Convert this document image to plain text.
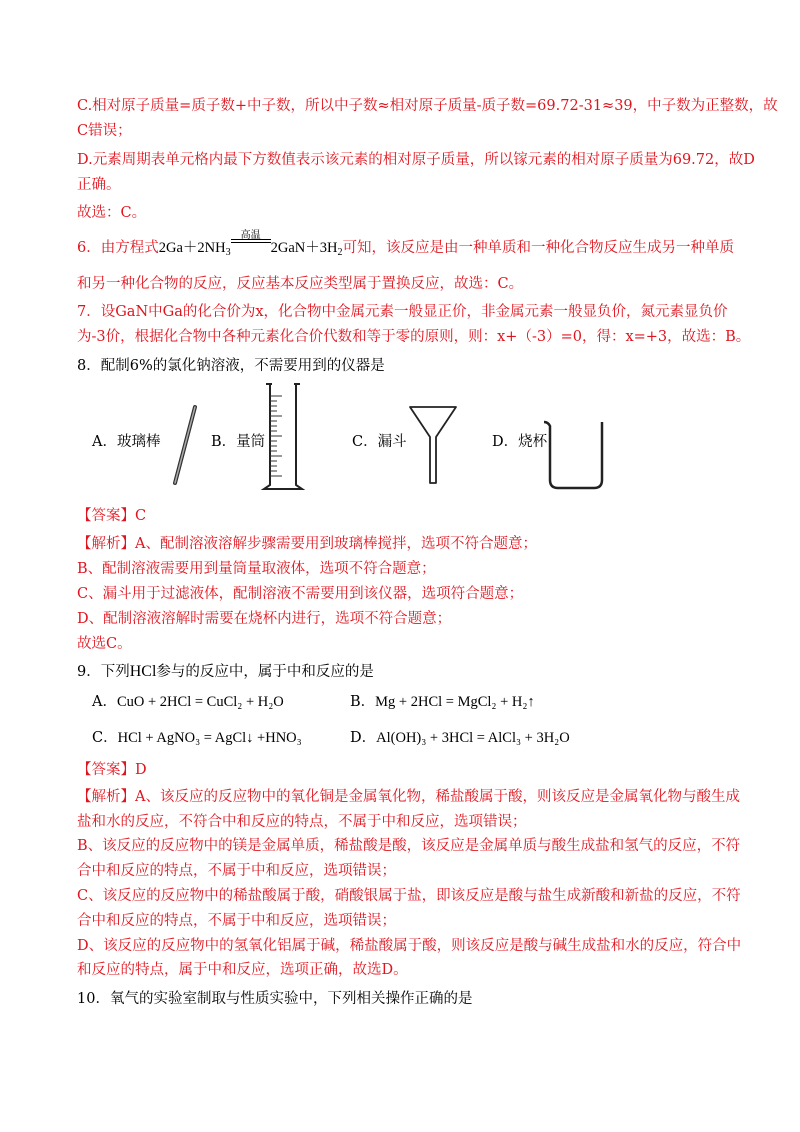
C.相对原子质量=质子数+中子数，所以中子数≈相对原子质量-质子数=69.72-31≈39，中子数为正整数，故
C错误；
D.元素周期表单元格内最下方数值表示该元素的相对原子质量，所以镓元素的相对原子质量为69.72，故D
正确。
故选：C。
6．由方程式$2Ga+2NH_3$
高温
$2GaN+3H_2$可知，该反应是由一种单质和一种化合物反应生成另一种单质
和另一种化合物的反应，反应基本反应类型属于置换反应，故选：C。
7．设GaN中Ga的化合价为x，化合物中金属元素一般显正价，非金属元素一般显负价，氮元素显负价
为-3价，根据化合物中各种元素化合价代数和等于零的原则，则：x+（-3）=0，得：x=+3，故选：B。
8．配制6%的氯化钠溶液，不需要用到的仪器是
A．玻璃棒	B．量筒	C．漏斗	D．烧杯
【答案】C
【解析】A、配制溶液溶解步骤需要用到玻璃棒搅拌，选项不符合题意；
B、配制溶液需要用到量筒量取液体，选项不符合题意；
C、漏斗用于过滤液体，配制溶液不需要用到该仪器，选项符合题意；
D、配制溶液溶解时需要在烧杯内进行，选项不符合题意；
故选C。
9．下列HCl参与的反应中，属于中和反应的是
A．CuO + 2HCl = CuCl₂ + H₂O	B．Mg + 2HCl = MgCl₂ + H₂↑
C．HCl + AgNO₃ = AgCl↓ +HNO₃	D．Al(OH)₃ + 3HCl = AlCl₃ + 3H₂O
【答案】D
【解析】A、该反应的反应物中的氧化铜是金属氧化物，稀盐酸属于酸，则该反应是金属氧化物与酸生成
盐和水的反应，不符合中和反应的特点，不属于中和反应，选项错误；
B、该反应的反应物中的镁是金属单质，稀盐酸是酸，该反应是金属单质与酸生成盐和氢气的反应，不符
合中和反应的特点，不属于中和反应，选项错误；
C、该反应的反应物中的稀盐酸属于酸，硝酸银属于盐，即该反应是酸与盐生成新酸和新盐的反应，不符
合中和反应的特点，不属于中和反应，选项错误；
D、该反应的反应物中的氢氧化铝属于碱，稀盐酸属于酸，则该反应是酸与碱生成盐和水的反应，符合中
和反应的特点，属于中和反应，选项正确，故选D。
10．氧气的实验室制取与性质实验中，下列相关操作正确的是
